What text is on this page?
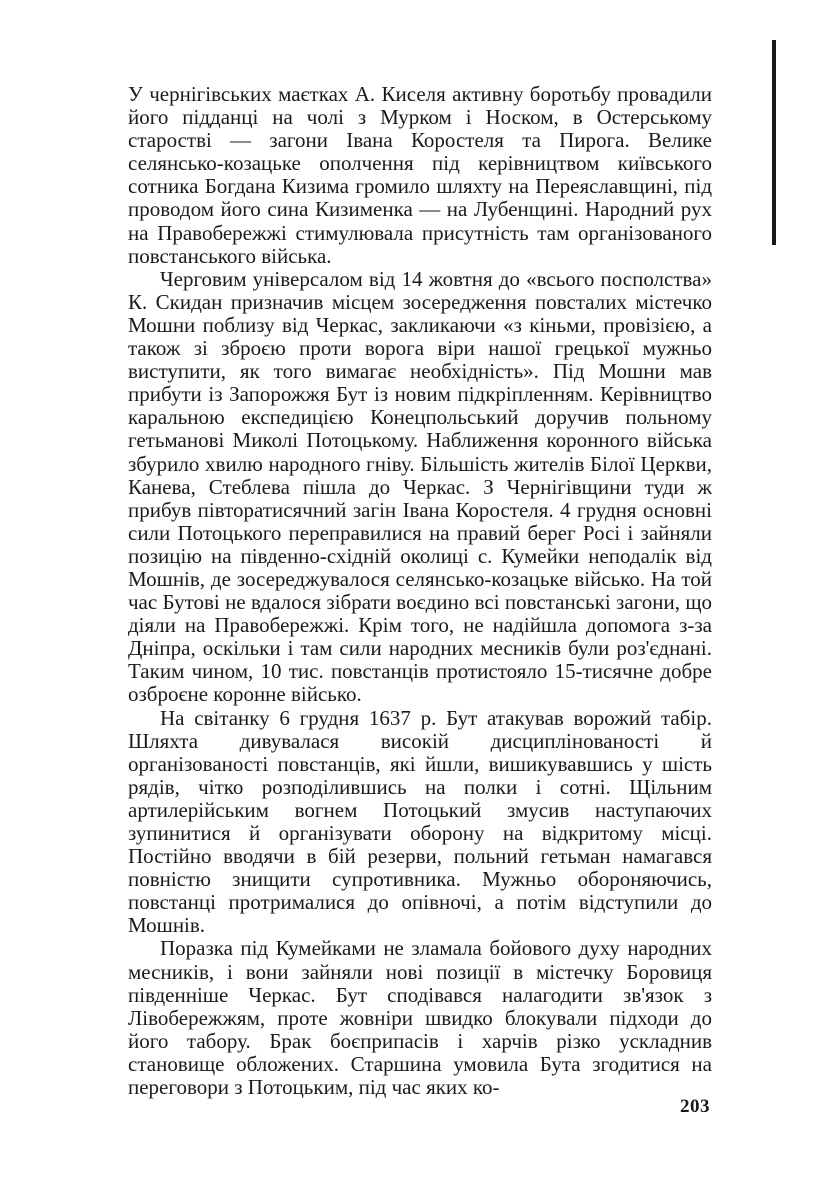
У чернігівських маєтках А. Киселя активну боротьбу провадили його підданці на чолі з Мурком і Носком, в Остерському старостві — загони Івана Коростеля та Пирога. Велике селянсько-козацьке ополчення під керівництвом київського сотника Богдана Кизима громило шляхту на Переяславщині, під проводом його сина Кизименка — на Лубенщині. Народний рух на Правобережжі стимулювала присутність там організованого повстанського війська.

Черговим універсалом від 14 жовтня до «всього посполства» К. Скидан призначив місцем зосередження повсталих містечко Мошни поблизу від Черкас, закликаючи «з кіньми, провізією, а також зі зброєю проти ворога віри нашої грецької мужньо виступити, як того вимагає необхідність». Під Мошни мав прибути із Запорожжя Бут із новим підкріпленням. Керівництво каральною експедицією Конецпольський доручив польному гетьманові Миколі Потоцькому. Наближення коронного війська збурило хвилю народного гніву. Більшість жителів Білої Церкви, Канева, Стеблева пішла до Черкас. З Чернігівщини туди ж прибув півторатисячний загін Івана Коростеля. 4 грудня основні сили Потоцького переправилися на правий берег Росі і зайняли позицію на південно-східній околиці с. Кумейки неподалік від Мошнів, де зосереджувалося селянсько-козацьке військо. На той час Бутові не вдалося зібрати воєдино всі повстанські загони, що діяли на Правобережжі. Крім того, не надійшла допомога з-за Дніпра, оскільки і там сили народних месників були роз'єднані. Таким чином, 10 тис. повстанців протистояло 15-тисячне добре озброєне коронне військо.

На світанку 6 грудня 1637 р. Бут атакував ворожий табір. Шляхта дивувалася високій дисциплінованості й організованості повстанців, які йшли, вишикувавшись у шість рядів, чітко розподілившись на полки і сотні. Щільним артилерійським вогнем Потоцький змусив наступаючих зупинитися й організувати оборону на відкритому місці. Постійно вводячи в бій резерви, польний гетьман намагався повністю знищити супротивника. Мужньо обороняючись, повстанці протрималися до опівночі, а потім відступили до Мошнів.

Поразка під Кумейками не зламала бойового духу народних месників, і вони зайняли нові позиції в містечку Боровиця південніше Черкас. Бут сподівався налагодити зв'язок з Лівобережжям, проте жовніри швидко блокували підходи до його табору. Брак боєприпасів і харчів різко ускладнив становище обложених. Старшина умовила Бута згодитися на переговори з Потоцьким, під час яких ко-

203
